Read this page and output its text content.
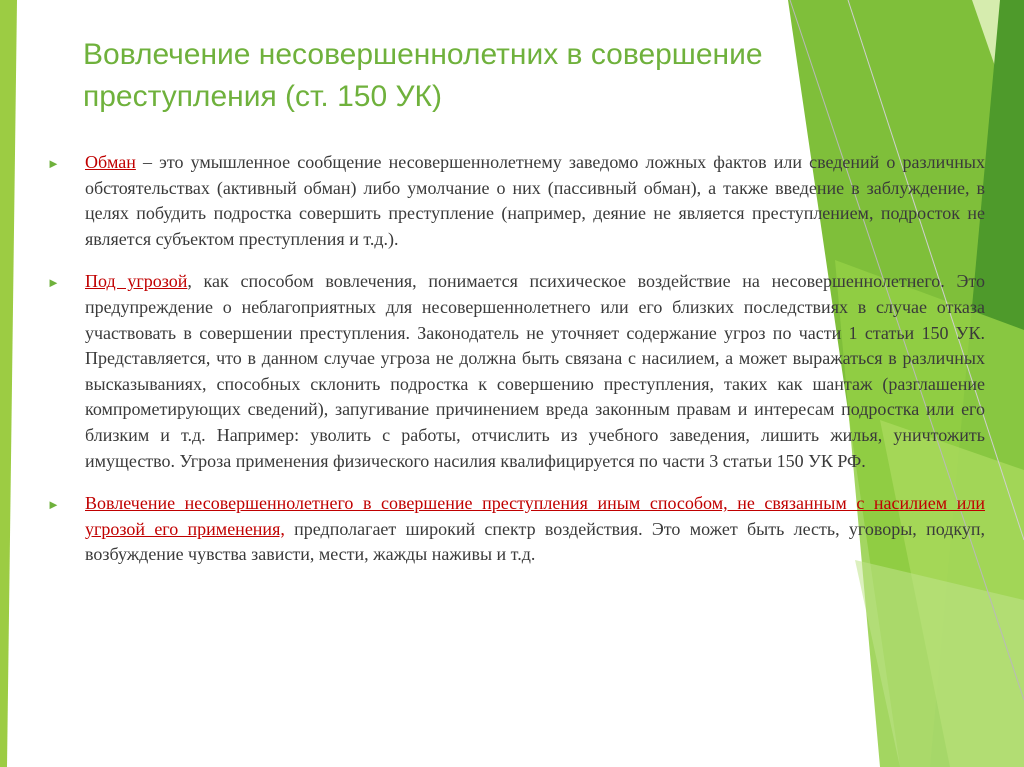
Вовлечение несовершеннолетних в совершение преступления (ст. 150 УК)
► Обман – это умышленное сообщение несовершеннолетнему заведомо ложных фактов или сведений о различных обстоятельствах (активный обман) либо умолчание о них (пассивный обман), а также введение в заблуждение, в целях побудить подростка совершить преступление (например, деяние не является преступлением, подросток не является субъектом преступления и т.д.).
► Под угрозой, как способом вовлечения, понимается психическое воздействие на несовершеннолетнего. Это предупреждение о неблагоприятных для несовершеннолетнего или его близких последствиях в случае отказа участвовать в совершении преступления. Законодатель не уточняет содержание угроз по части 1 статьи 150 УК. Представляется, что в данном случае угроза не должна быть связана с насилием, а может выражаться в различных высказываниях, способных склонить подростка к совершению преступления, таких как шантаж (разглашение компрометирующих сведений), запугивание причинением вреда законным правам и интересам подростка или его близким и т.д. Например: уволить с работы, отчислить из учебного заведения, лишить жилья, уничтожить имущество. Угроза применения физического насилия квалифицируется по части 3 статьи 150 УК РФ.
► Вовлечение несовершеннолетнего в совершение преступления иным способом, не связанным с насилием или угрозой его применения, предполагает широкий спектр воздействия. Это может быть лесть, уговоры, подкуп, возбуждение чувства зависти, мести, жажды наживы и т.д.
